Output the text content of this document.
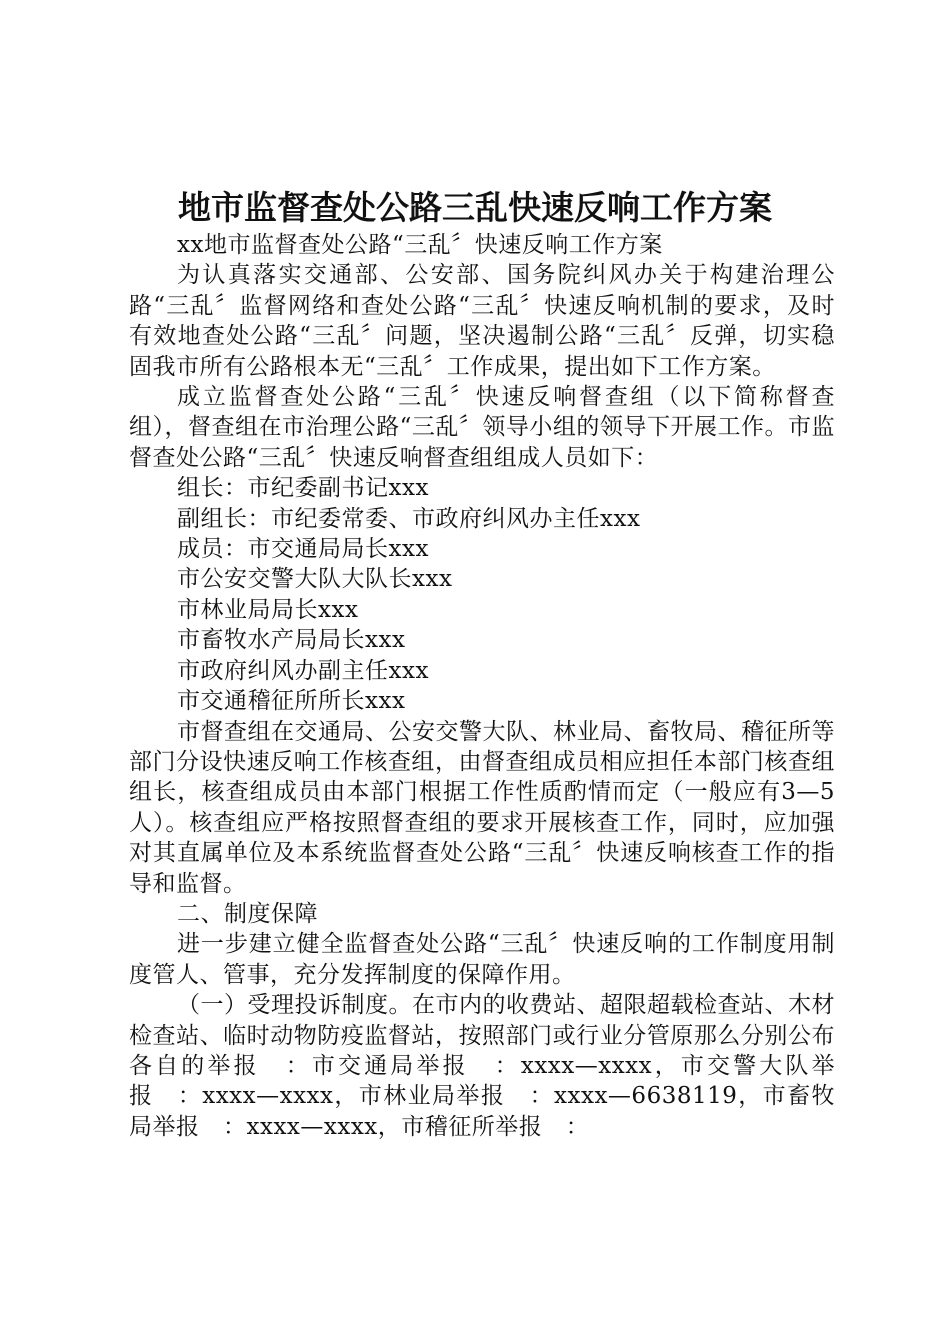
地市监督查处公路三乱快速反响工作方案

xx地市监督查处公路“三乱〞快速反响工作方案

为认真落实交通部、公安部、国务院纠风办关于构建治理公路“三乱〞监督网络和查处公路“三乱〞快速反响机制的要求，及时有效地查处公路“三乱〞问题，坚决遏制公路“三乱〞反弹，切实稳固我市所有公路根本无“三乱〞工作成果，提出如下工作方案。

成立监督查处公路“三乱〞快速反响督查组（以下简称督查组），督查组在市治理公路“三乱〞领导小组的领导下开展工作。市监督查处公路“三乱〞快速反响督查组组成人员如下：

组长：市纪委副书记xxx

副组长：市纪委常委、市政府纠风办主任xxx

成员：市交通局局长xxx

市公安交警大队大队长xxx

市林业局局长xxx

市畜牧水产局局长xxx

市政府纠风办副主任xxx

市交通稽征所所长xxx

市督查组在交通局、公安交警大队、林业局、畜牧局、稽征所等部门分设快速反响工作核查组，由督查组成员相应担任本部门核查组组长，核查组成员由本部门根据工作性质酌情而定（一般应有3—5人）。核查组应严格按照督查组的要求开展核查工作，同时，应加强对其直属单位及本系统监督查处公路“三乱〞快速反响核查工作的指导和监督。

二、制度保障

进一步建立健全监督查处公路“三乱〞快速反响的工作制度用制度管人、管事，充分发挥制度的保障作用。

（一）受理投诉制度。在市内的收费站、超限超载检查站、木材检查站、临时动物防疫监督站，按照部门或行业分管原那么分别公布各自的举报　：市交通局举报　：xxxx—xxxx，市交警大队举报　：xxxx—xxxx，市林业局举报　：xxxx—6638119，市畜牧局举报　：xxxx—xxxx，市稽征所举报　：
